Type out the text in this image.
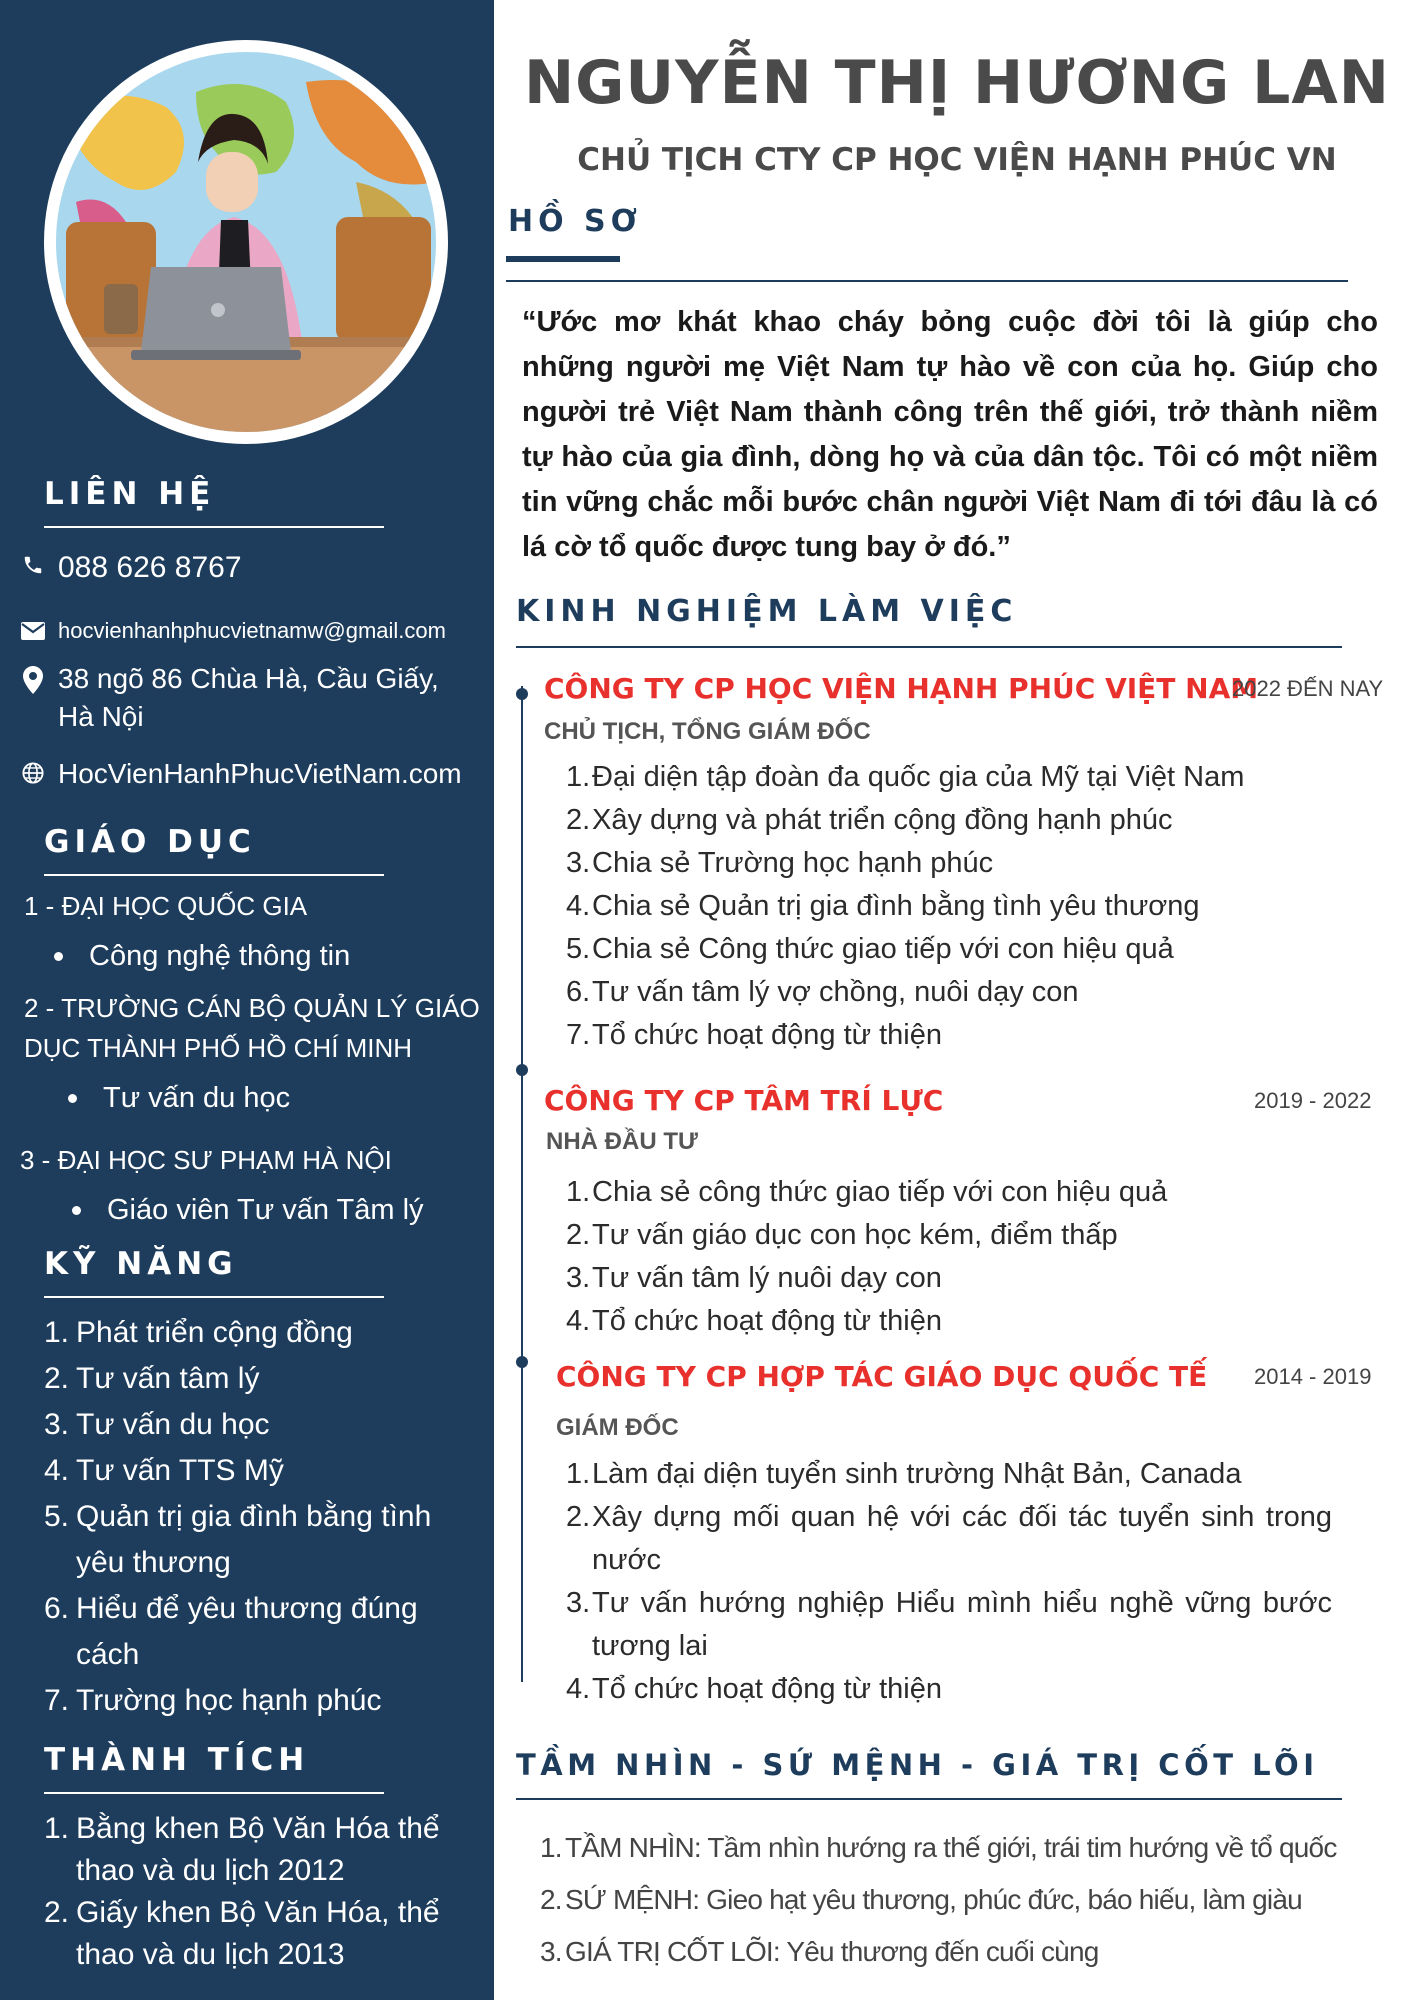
LIÊN HỆ
088 626 8767
hocvienhanhphucvietnamw@gmail.com
38 ngõ 86 Chùa Hà, Cầu Giấy, Hà Nội
HocVienHanhPhucVietNam.com
GIÁO DỤC
1 - ĐẠI HỌC QUỐC GIA
Công nghệ thông tin
2 - TRƯỜNG CÁN BỘ QUẢN LÝ GIÁO DỤC THÀNH PHỐ HỒ CHÍ MINH
Tư vấn du học
3 - ĐẠI HỌC SƯ PHẠM HÀ NỘI
Giáo viên Tư vấn Tâm lý
KỸ NĂNG
1. Phát triển cộng đồng
2. Tư vấn tâm lý
3. Tư vấn du học
4. Tư vấn TTS Mỹ
5. Quản trị gia đình bằng tình yêu thương
6. Hiểu để yêu thương đúng cách
7. Trường học hạnh phúc
THÀNH TÍCH
1. Bằng khen Bộ Văn Hóa thể thao và du lịch 2012
2. Giấy khen Bộ Văn Hóa, thể thao và du lịch 2013
NGUYỄN THỊ HƯƠNG LAN
CHỦ TỊCH CTY CP HỌC VIỆN HẠNH PHÚC VN
HỒ SƠ
“Ước mơ khát khao cháy bỏng cuộc đời tôi là giúp cho những người mẹ Việt Nam tự hào về con của họ. Giúp cho người trẻ Việt Nam thành công trên thế giới, trở thành niềm tự hào của gia đình, dòng họ và của dân tộc. Tôi có một niềm tin vững chắc mỗi bước chân người Việt Nam đi tới đâu là có lá cờ tổ quốc được tung bay ở đó.”
KINH NGHIỆM LÀM VIỆC
CÔNG TY CP HỌC VIỆN HẠNH PHÚC VIỆT NAM
2022 ĐẾN NAY
CHỦ TỊCH, TỔNG GIÁM ĐỐC
1. Đại diện tập đoàn đa quốc gia của Mỹ tại Việt Nam
2. Xây dựng và phát triển cộng đồng hạnh phúc
3. Chia sẻ Trường học hạnh phúc
4. Chia sẻ Quản trị gia đình bằng tình yêu thương
5. Chia sẻ Công thức giao tiếp với con hiệu quả
6. Tư vấn tâm lý vợ chồng, nuôi dạy con
7. Tổ chức hoạt động từ thiện
CÔNG TY CP TÂM TRÍ LỰC	2019 - 2022
NHÀ ĐẦU TƯ
1. Chia sẻ công thức giao tiếp với con hiệu quả
2. Tư vấn giáo dục con học kém, điểm thấp
3. Tư vấn tâm lý nuôi dạy con
4. Tổ chức hoạt động từ thiện
CÔNG TY CP HỢP TÁC GIÁO DỤC QUỐC TẾ 2014 - 2019
GIÁM ĐỐC
1. Làm đại diện tuyển sinh trường Nhật Bản, Canada
2. Xây dựng mối quan hệ với các đối tác tuyển sinh trong nước
3. Tư vấn hướng nghiệp Hiểu mình hiểu nghề vững bước tương lai
4. Tổ chức hoạt động từ thiện
TẦM NHÌN - SỨ MỆNH - GIÁ TRỊ CỐT LÕI
1. TẦM NHÌN: Tầm nhìn hướng ra thế giới, trái tim hướng về tổ quốc
2. SỨ MỆNH: Gieo hạt yêu thương, phúc đức, báo hiếu, làm giàu
3. GIÁ TRỊ CỐT LÕI: Yêu thương đến cuối cùng
